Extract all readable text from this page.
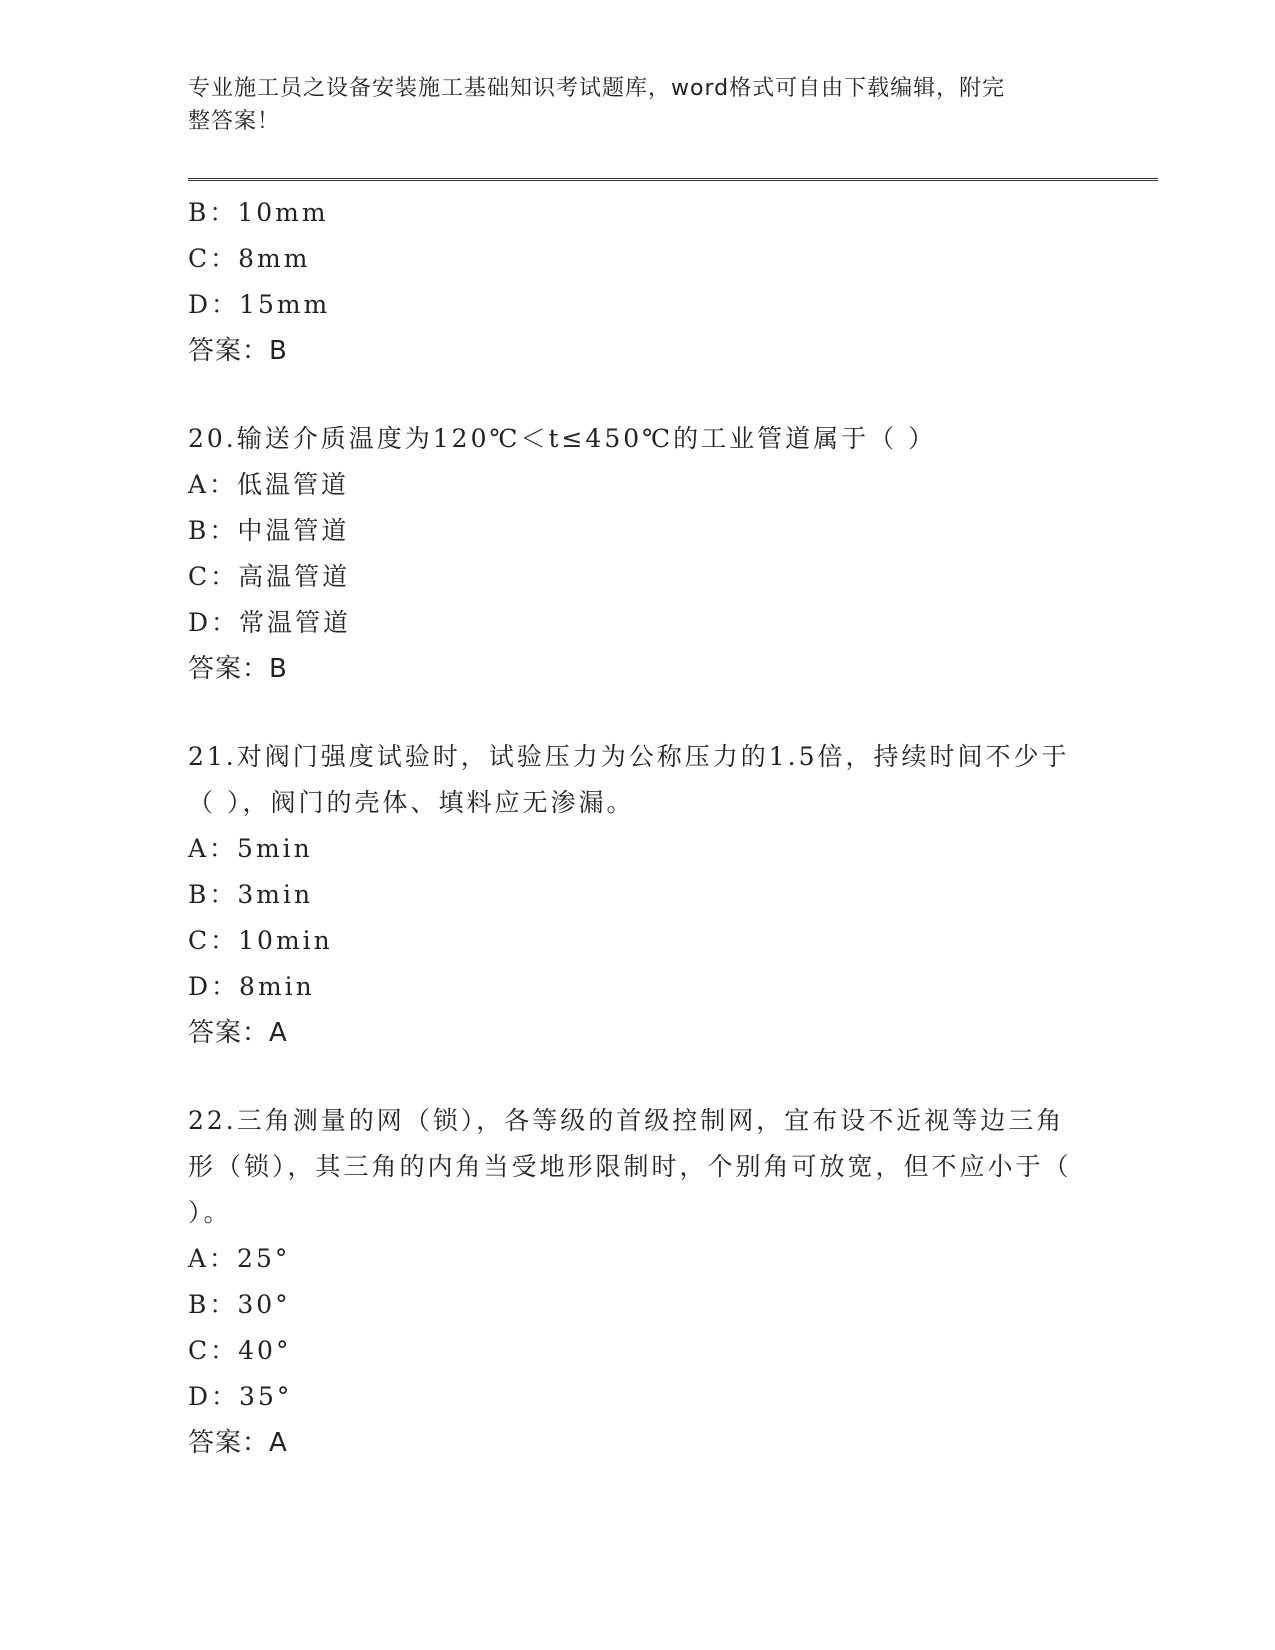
专业施工员之设备安装施工基础知识考试题库，word格式可自由下载编辑，附完
整答案！
B：10mm
C：8mm
D：15mm
答案：B
20.输送介质温度为120℃＜t≤450℃的工业管道属于（ ）
A：低温管道
B：中温管道
C：高温管道
D：常温管道
答案：B
21.对阀门强度试验时，试验压力为公称压力的1.5倍，持续时间不少于（ ），阀门的壳体、填料应无渗漏。
A：5min
B：3min
C：10min
D：8min
答案：A
22.三角测量的网（锁），各等级的首级控制网，宜布设不近视等边三角形（锁），其三角的内角当受地形限制时，个别角可放宽，但不应小于（ ）。
A：25°
B：30°
C：40°
D：35°
答案：A
